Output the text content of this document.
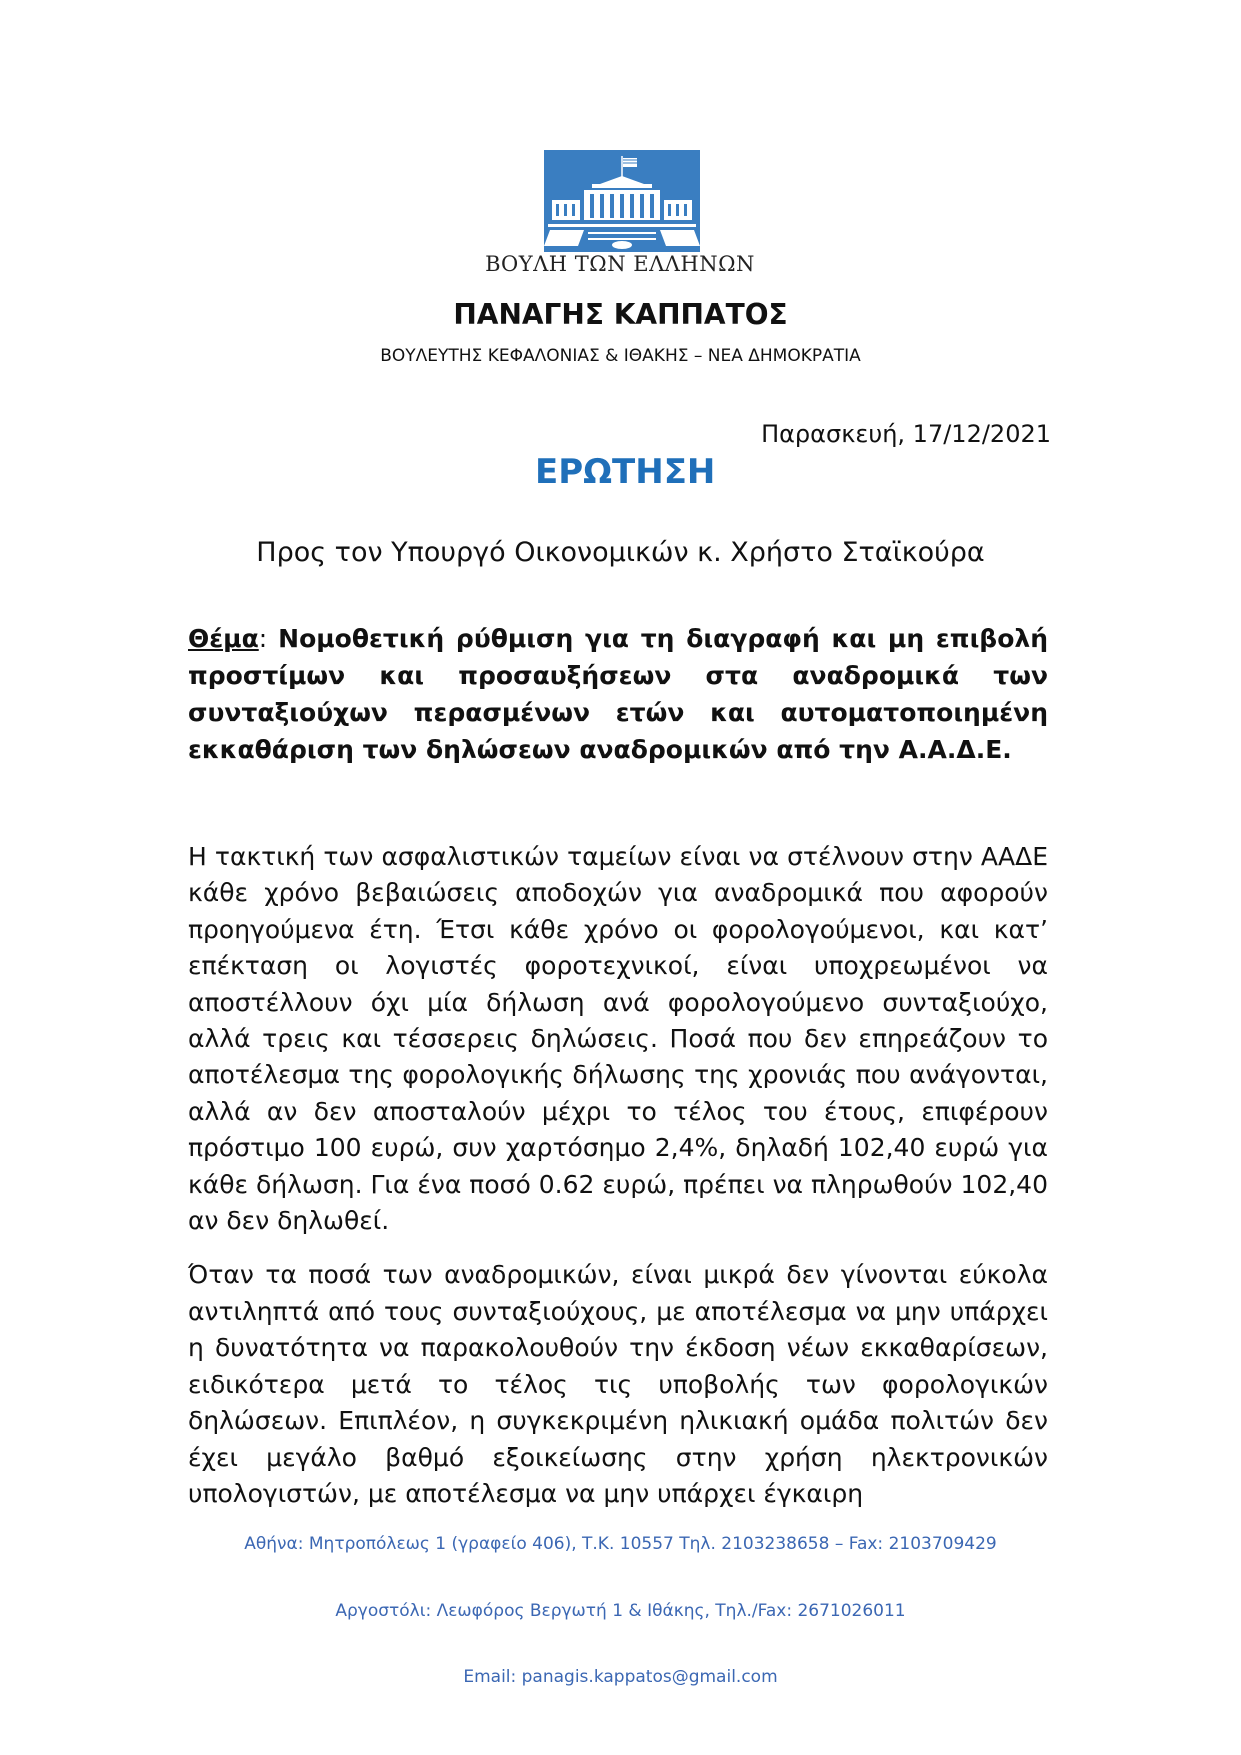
ΒΟΥΛΗ ΤΩΝ ΕΛΛΗΝΩΝ
ΠΑΝΑΓΗΣ ΚΑΠΠΑΤΟΣ
ΒΟΥΛΕΥΤΗΣ ΚΕΦΑΛΟΝΙΑΣ & ΙΘΑΚΗΣ – ΝΕΑ ΔΗΜΟΚΡΑΤΙΑ
Παρασκευή, 17/12/2021
ΕΡΩΤΗΣΗ
Προς τον Υπουργό Οικονομικών κ. Χρήστο Σταϊκούρα
Θέμα: Νομοθετική ρύθμιση για τη διαγραφή και μη επιβολή προστίμων και προσαυξήσεων στα αναδρομικά των συνταξιούχων περασμένων ετών και αυτοματοποιημένη εκκαθάριση των δηλώσεων αναδρομικών από την Α.Α.Δ.Ε.

Η τακτική των ασφαλιστικών ταμείων είναι να στέλνουν στην ΑΑΔΕ κάθε χρόνο βεβαιώσεις αποδοχών για αναδρομικά που αφορούν προηγούμενα έτη. Έτσι κάθε χρόνο οι φορολογούμενοι, και κατ’ επέκταση οι λογιστές φοροτεχνικοί, είναι υποχρεωμένοι να αποστέλλουν όχι μία δήλωση ανά φορολογούμενο συνταξιούχο, αλλά τρεις και τέσσερεις δηλώσεις. Ποσά που δεν επηρεάζουν το αποτέλεσμα της φορολογικής δήλωσης της χρονιάς που ανάγονται, αλλά αν δεν αποσταλούν μέχρι το τέλος του έτους, επιφέρουν πρόστιμο 100 ευρώ, συν χαρτόσημο 2,4%, δηλαδή 102,40 ευρώ για κάθε δήλωση. Για ένα ποσό 0.62 ευρώ, πρέπει να πληρωθούν 102,40 αν δεν δηλωθεί.

Όταν τα ποσά των αναδρομικών, είναι μικρά δεν γίνονται εύκολα αντιληπτά από τους συνταξιούχους, με αποτέλεσμα να μην υπάρχει η δυνατότητα να παρακολουθούν την έκδοση νέων εκκαθαρίσεων, ειδικότερα μετά το τέλος τις υποβολής των φορολογικών δηλώσεων. Επιπλέον, η συγκεκριμένη ηλικιακή ομάδα πολιτών δεν έχει μεγάλο βαθμό εξοικείωσης στην χρήση ηλεκτρονικών υπολογιστών, με αποτέλεσμα να μην υπάρχει έγκαιρη

Αθήνα: Μητροπόλεως 1 (γραφείο 406), Τ.Κ. 10557 Τηλ. 2103238658 – Fax: 2103709429
Αργοστόλι: Λεωφόρος Βεργωτή 1 & Ιθάκης, Τηλ./Fax: 2671026011
Email: panagis.kappatos@gmail.com
